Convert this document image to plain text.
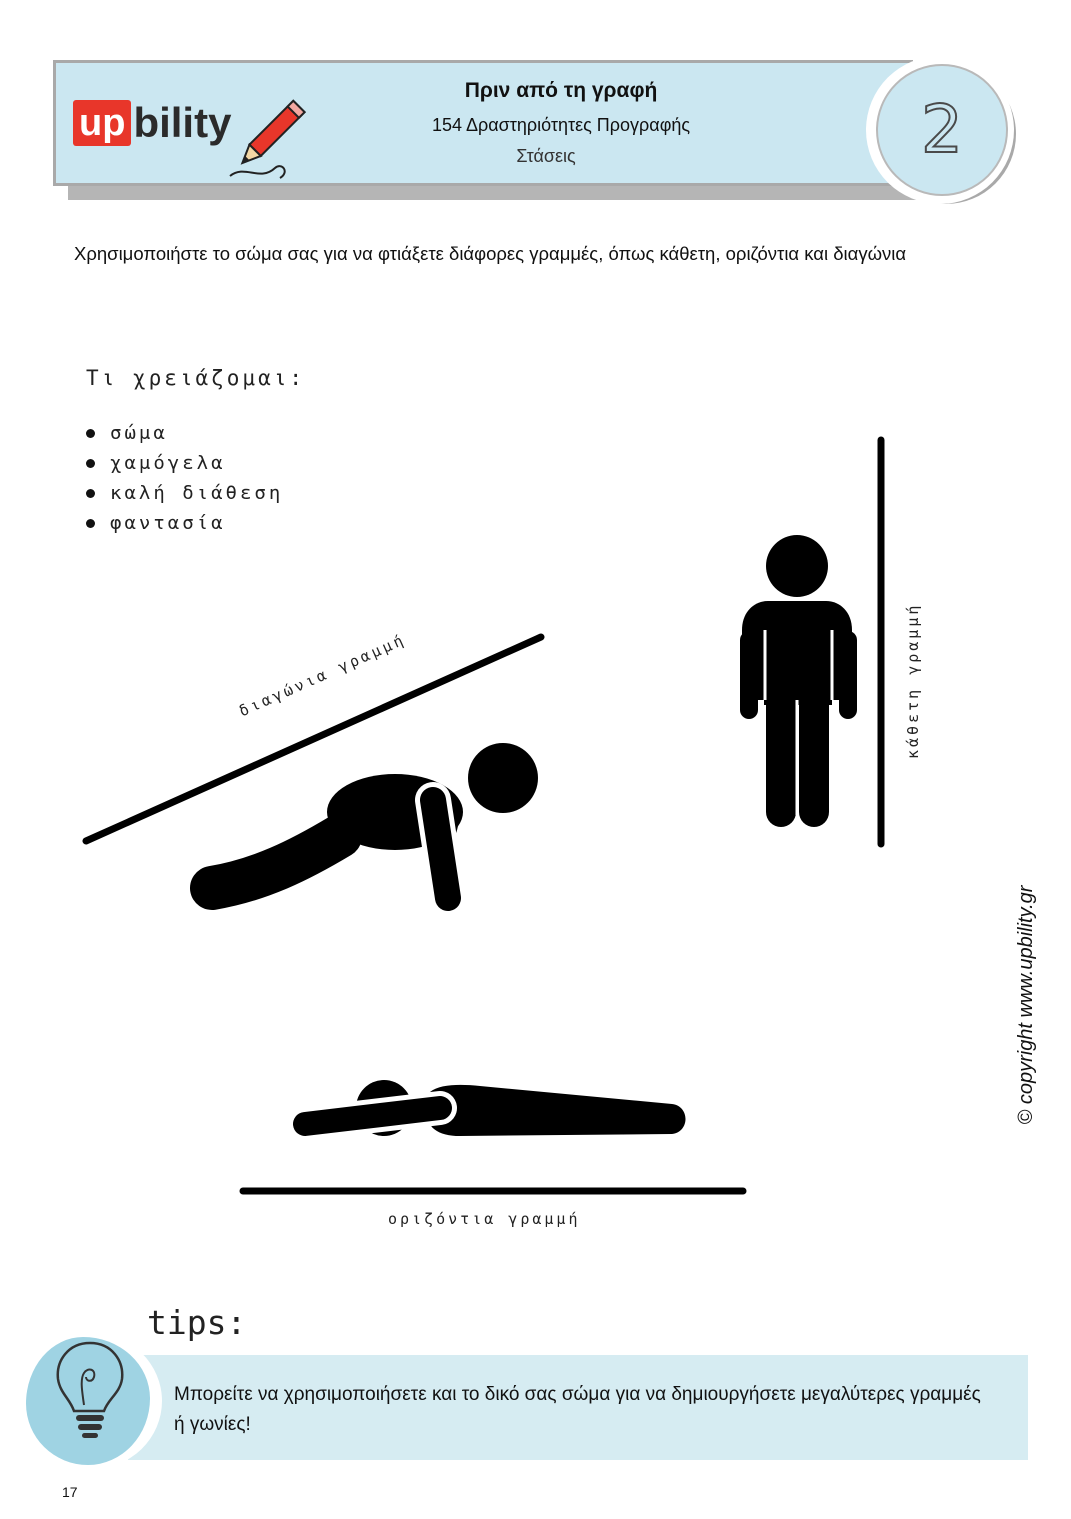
2
up bility
Πριν από τη γραφή
154 Δραστηριότητες Προγραφής
Στάσεις
Χρησιμοποιήστε το σώμα σας για να φτιάξετε διάφορες γραμμές, όπως κάθετη, οριζόντια και διαγώνια
Τι χρειάζομαι:
σώμα
χαμόγελα
καλή διάθεση
φαντασία
διαγώνια γραμμή	κάθετη γραμμή
οριζόντια γραμμή
© copyright www.upbility.gr
tips:
Μπορείτε να χρησιμοποιήσετε και το δικό σας σώμα για να δημιουργήσετε μεγαλύτερες γραμμές ή γωνίες!
17
